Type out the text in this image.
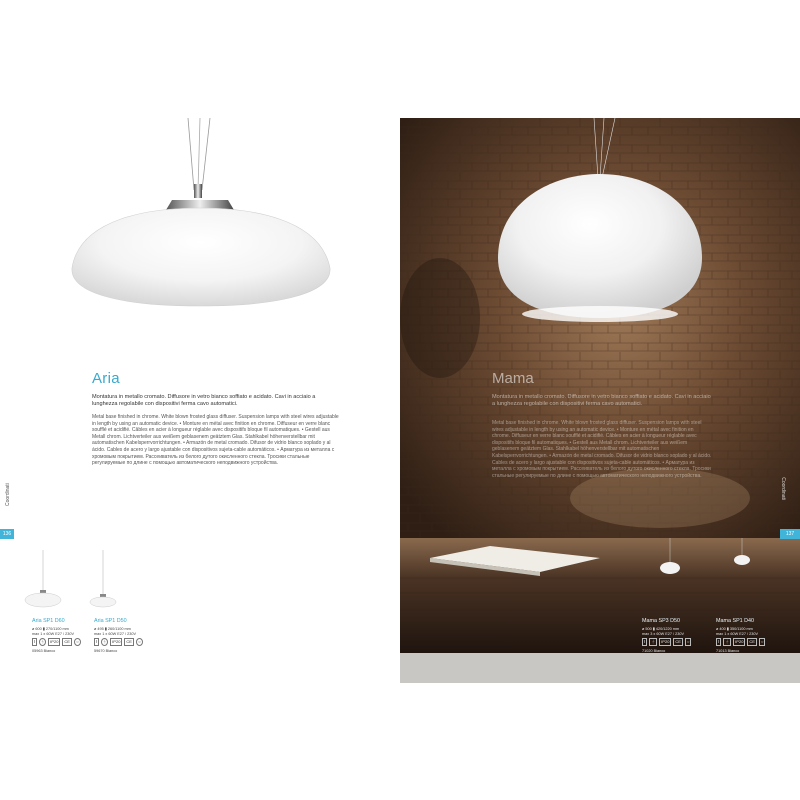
Aria
Montatura in metallo cromato. Diffusore in vetro bianco soffiato e acidato. Cavi in acciaio a lunghezza regolabile con dispositivi ferma cavo automatici.
Metal base finished in chrome. White blown frosted glass diffuser. Suspension lamps with steel wires adjustable in length by using an automatic device. • Monture en métal avec finition en chrome. Diffuseur en verre blanc soufflé et acidifié. Câbles en acier à longueur réglable avec dispositifs bloque fil automatiques. • Gestell aus Metall chrom. Lichtverteiler aus weißem geblasenem geätztem Glas. Stahlkabel höhenverstellbar mit automatischen Kabelsperrvorrichtungen. • Armazón de metal cromado. Difusor de vidrio blanco soplado y al ácido. Cables de acero y largo ajustable con dispositivos sujeta-cable automáticos. • Арматура из металла с хромовым покрытием. Рассеиватель из белого дутого окисленного стекла. Тросики стальные регулируемые по длине с помощью автоматического неподвижного устройства.
Coordinati
136
Aria SP1 D60
ø 600 ▮ 270/1100 mm
max 1 x 60W E27 / 230V
Ⅰ	⏚	IP20	CE	○
05963 Bianco
Aria SP1 D50
ø 495 ▮ 260/1100 mm
max 1 x 60W E27 / 230V
Ⅰ	⏚	IP20	CE	○
59670 Bianco
Mama
Montatura in metallo cromato. Diffusore in vetro bianco soffiato e acidato. Cavi in acciaio a lunghezza regolabile con dispositivi ferma cavo automatici.
Metal base finished in chrome. White blown frosted glass diffuser. Suspension lamps with steel wires adjustable in length by using an automatic device. • Monture en métal avec finition en chrome. Diffuseur en verre blanc soufflé et acidifié. Câbles en acier à longueur réglable avec dispositifs bloque fil automatiques. • Gestell aus Metall chrom. Lichtverteiler aus weißem geblasenem geätztem Glas. Stahlkabel höhenverstellbar mit automatischen Kabelsperrvorrichtungen. • Armazón de metal cromado. Difusor de vidrio blanco soplado y al ácido. Cables de acero y largo ajustable con dispositivos sujeta-cable automáticos. • Арматура из металла с хромовым покрытием. Рассеиватель из белого дутого окисленного стекла. Тросики стальные регулируемые по длине с помощью автоматического неподвижного устройства.
Coordinati
137
Mama SP3 D50
ø 500 ▮ 420/1220 mm
max 3 x 60W E27 / 230V
Ⅰ	⏚	IP20	CE	○
71020 Bianco
Mama SP1 D40
ø 400 ▮ 350/1100 mm
max 1 x 60W E27 / 230V
Ⅰ	⏚	IP20	CE	○
71013 Bianco
